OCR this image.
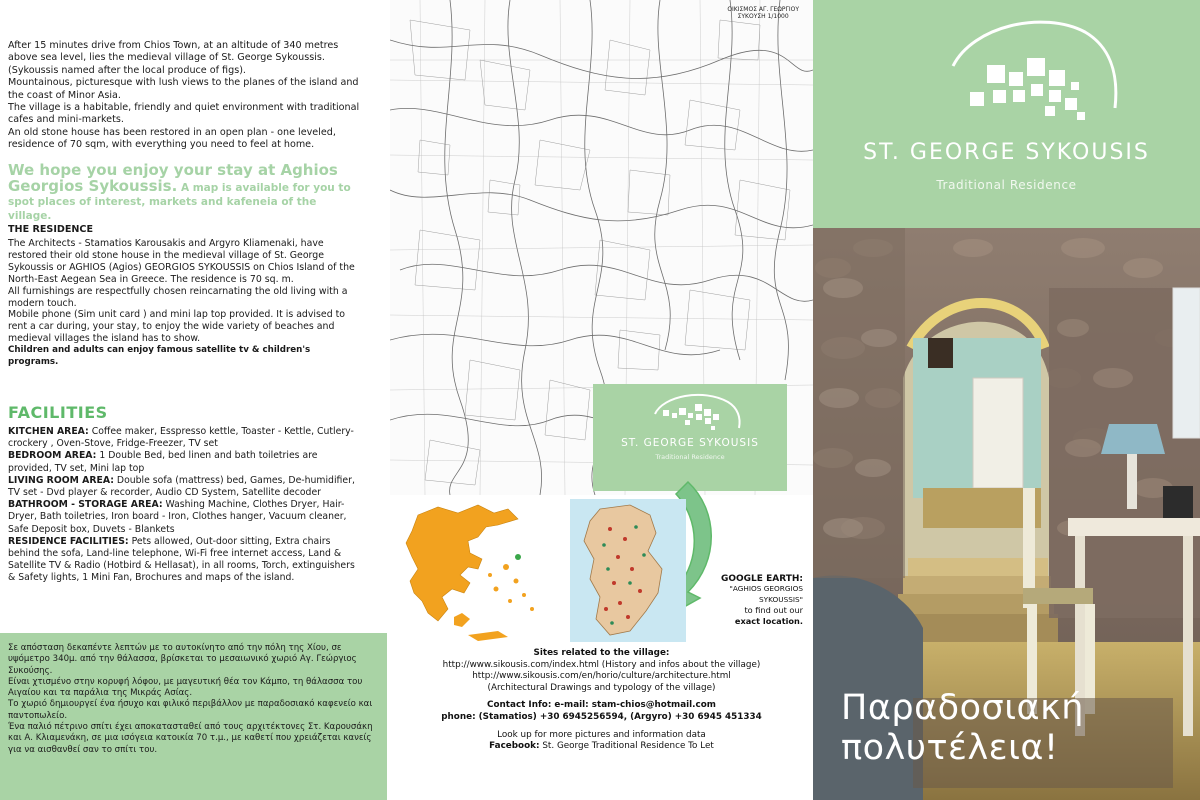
After 15 minutes drive from Chios Town, at an altitude of 340 metres above sea level, lies the medieval village of St. George Sykoussis. (Sykoussis named after the local produce of figs).

Mountainous, picturesque with lush views to the planes of the island and the coast of Minor Asia.

The village is a habitable, friendly and quiet environment with traditional cafes and mini-markets.

An old stone house has been restored in an open plan - one leveled, residence of 70 sqm, with everything you need to feel at home.

We hope you enjoy your stay at Aghios Georgios Sykoussis. A map is available for you to spot places of interest, markets and kafeneia of the village.
THE RESIDENCE

The Architects - Stamatios Karousakis and Argyro Kliamenaki, have restored their old stone house in the medieval village of St. George Sykoussis or AGHIOS (Agios) GEORGIOS SYKOUSSIS on Chios Island of the North-East Aegean Sea in Greece. The residence is 70 sq. m.

All furnishings are respectfully chosen reincarnating the old living with a modern touch.

Mobile phone (Sim unit card ) and mini lap top provided. It is advised to rent a car during, your stay, to enjoy the wide variety of beaches and medieval villages the island has to show.

Children and adults can enjoy famous satellite tv & children's programs.

FACILITIES

KITCHEN AREA: Coffee maker, Esspresso kettle, Toaster - Kettle, Cutlery-crockery , Oven-Stove, Fridge-Freezer, TV set

BEDROOM AREA: 1 Double Bed, bed linen and bath toiletries are provided, TV set, Mini lap top

LIVING ROOM AREA: Double sofa (mattress) bed, Games, De-humidifier, TV set - Dvd player & recorder, Audio CD System, Satellite decoder

BATHROOM - STORAGE AREA: Washing Machine, Clothes Dryer, Hair-Dryer, Bath toiletries, Iron board - Iron, Clothes hanger, Vacuum cleaner, Safe Deposit box, Duvets - Blankets

RESIDENCE FACILITIES: Pets allowed, Out-door sitting, Extra chairs behind the sofa, Land-line telephone, Wi-Fi free internet access, Land & Satellite TV & Radio (Hotbird & Hellasat), in all rooms, Torch, extinguishers & Safety lights, 1 Mini Fan, Brochures and maps of the island.

Σε απόσταση δεκαπέντε λεπτών με το αυτοκίνητο από την πόλη της Χίου, σε υψόμετρο 340μ. από την θάλασσα, βρίσκεται το μεσαιωνικό χωριό Αγ. Γεώργιος Συκούσης.

Είναι χτισμένο στην κορυφή λόφου, με μαγευτική θέα τον Κάμπο, τη θάλασσα του Αιγαίου και τα παράλια της Μικράς Ασίας.

Το χωριό δημιουργεί ένα ήσυχο και φιλικό περιβάλλον με παραδοσιακό καφενείο και παντοπωλείο.

Ένα παλιό πέτρινο σπίτι έχει αποκατασταθεί από τους αρχιτέκτονες Στ. Καρουσάκη και Α. Κλιαμενάκη, σε μια ισόγεια κατοικία 70 τ.μ., με καθετί που χρειάζεται κανείς για να αισθανθεί σαν το σπίτι του.

ΟΙΚΙΣΜΟΣ ΑΓ. ΓΕΩΡΓΙΟΥ
ΣΥΚΟΥΣΗ 1/1000
ST. GEORGE SYKOUSIS
Traditional Residence
GOOGLE EARTH:
"AGHIOS GEORGIOS SYKOUSSIS"
to find out our
exact location.
Sites related to the village:
http://www.sikousis.com/index.html (History and infos about the village)
http://www.sikousis.com/en/horio/culture/architecture.html
(Architectural Drawings and typology of the village)
Contact Info: e-mail: stam-chios@hotmail.com
phone: (Stamatios) +30 6945256594, (Argyro) +30 6945 451334
Look up for more pictures and information data
Facebook: St. George Traditional Residence To Let
ST. GEORGE SYKOUSIS
Traditional Residence
Παραδοσιακή
πολυτέλεια!
